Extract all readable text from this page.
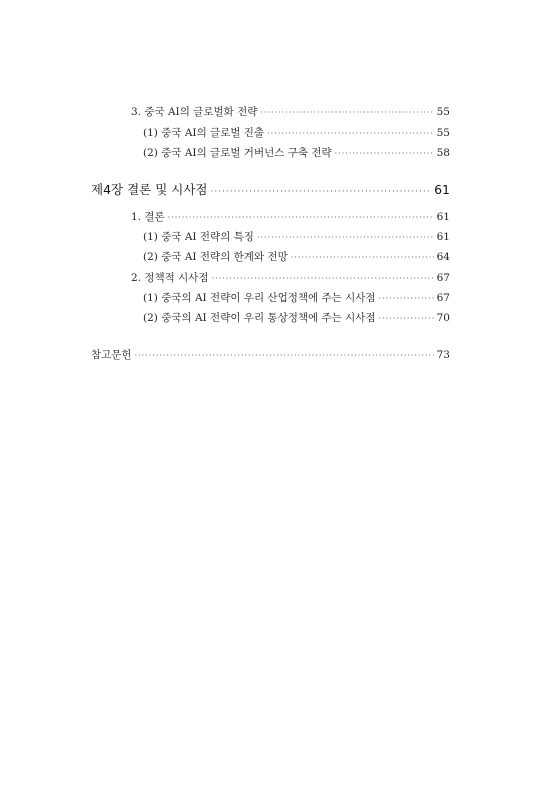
3. 중국 AI의 글로벌화 전략 ·····	55
(1) 중국 AI의 글로벌 진출 ·····	55
(2) 중국 AI의 글로벌 거버넌스 구축 전략 ·····	58
제4장 결론 및 시사점 ·····	61
1. 결론 ·····	61
(1) 중국 AI 전략의 특징 ·····	61
(2) 중국 AI 전략의 한계와 전망 ·····	64
2. 정책적 시사점 ·····	67
(1) 중국의 AI 전략이 우리 산업정책에 주는 시사점 ·····	67
(2) 중국의 AI 전략이 우리 통상정책에 주는 시사점 ·····	70
참고문헌 ·····	73
